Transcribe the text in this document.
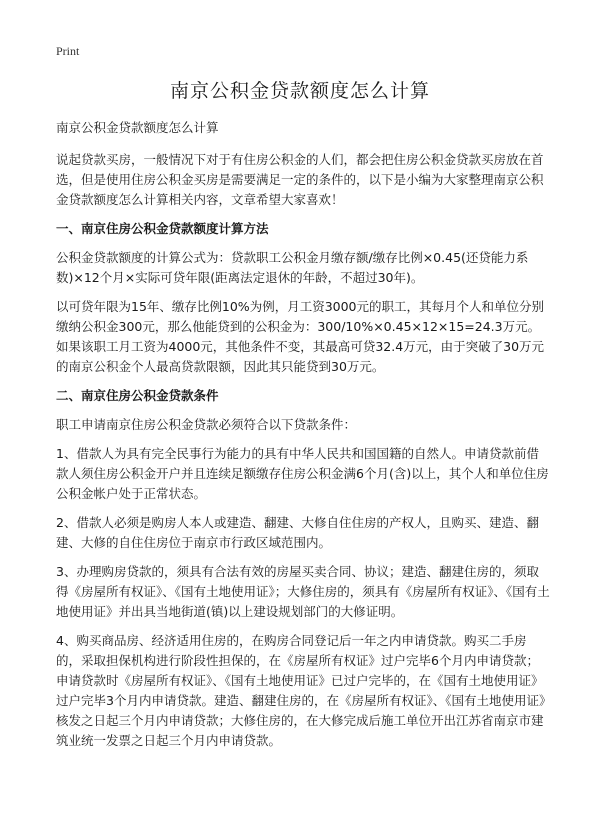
Print
南京公积金贷款额度怎么计算

南京公积金贷款额度怎么计算

说起贷款买房，一般情况下对于有住房公积金的人们，都会把住房公积金贷款买房放在首选，但是使用住房公积金买房是需要满足一定的条件的，以下是小编为大家整理南京公积金贷款额度怎么计算相关内容，文章希望大家喜欢！

一、南京住房公积金贷款额度计算方法

公积金贷款额度的计算公式为：贷款职工公积金月缴存额/缴存比例×0.45(还贷能力系数)×12个月×实际可贷年限(距离法定退休的年龄，不超过30年)。

以可贷年限为15年、缴存比例10%为例，月工资3000元的职工，其每月个人和单位分别缴纳公积金300元，那么他能贷到的公积金为：300/10%×0.45×12×15=24.3万元。如果该职工月工资为4000元，其他条件不变，其最高可贷32.4万元，由于突破了30万元的南京公积金个人最高贷款限额，因此其只能贷到30万元。

二、南京住房公积金贷款条件

职工申请南京住房公积金贷款必须符合以下贷款条件：

1、借款人为具有完全民事行为能力的具有中华人民共和国国籍的自然人。申请贷款前借款人须住房公积金开户并且连续足额缴存住房公积金满6个月(含)以上，其个人和单位住房公积金帐户处于正常状态。

2、借款人必须是购房人本人或建造、翻建、大修自住住房的产权人，且购买、建造、翻建、大修的自住住房位于南京市行政区域范围内。

3、办理购房贷款的，须具有合法有效的房屋买卖合同、协议；建造、翻建住房的，须取得《房屋所有权证》、《国有土地使用证》；大修住房的，须具有《房屋所有权证》、《国有土地使用证》并出具当地街道(镇)以上建设规划部门的大修证明。

4、购买商品房、经济适用住房的，在购房合同登记后一年之内申请贷款。购买二手房的，采取担保机构进行阶段性担保的，在《房屋所有权证》过户完毕6个月内申请贷款；申请贷款时《房屋所有权证》、《国有土地使用证》已过户完毕的，在《国有土地使用证》过户完毕3个月内申请贷款。建造、翻建住房的，在《房屋所有权证》、《国有土地使用证》核发之日起三个月内申请贷款；大修住房的，在大修完成后施工单位开出江苏省南京市建筑业统一发票之日起三个月内申请贷款。
